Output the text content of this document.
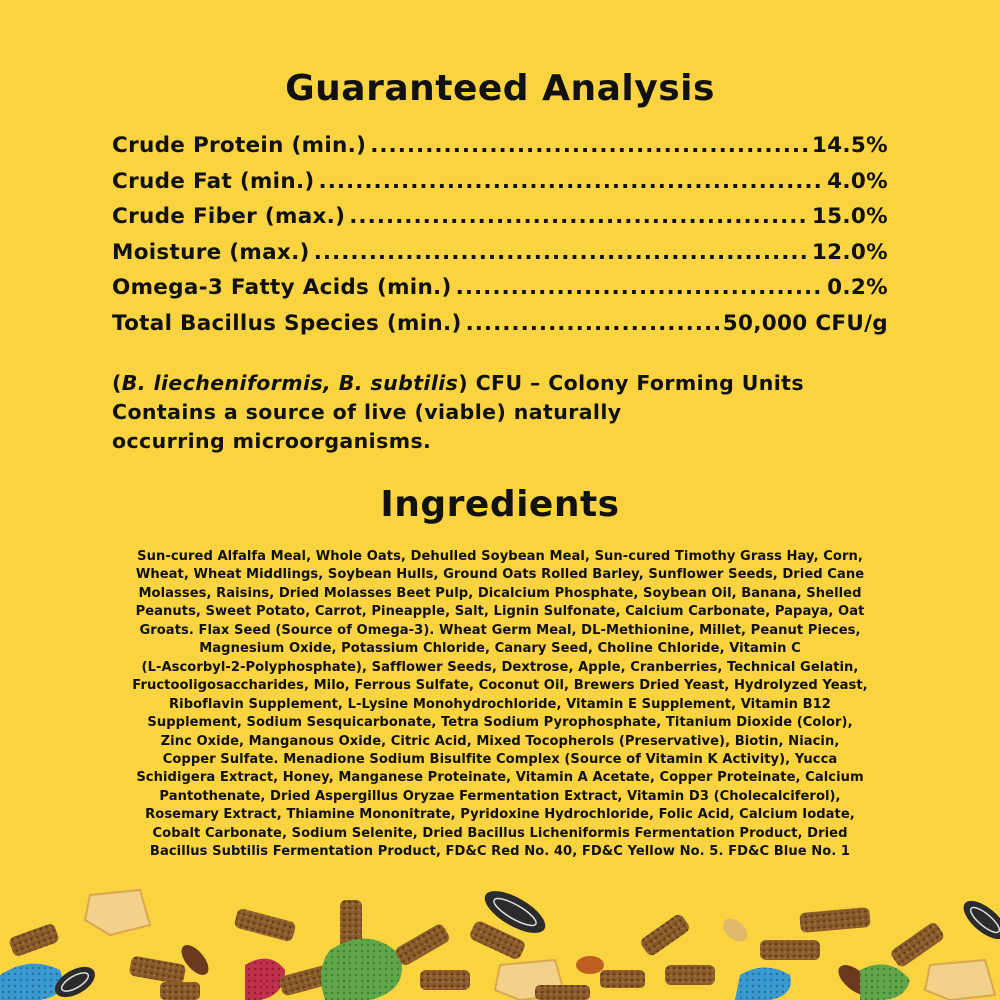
Guaranteed Analysis
Crude Protein (min.) .....	14.5%
Crude Fat (min.) .....	4.0%
Crude Fiber (max.) .....	15.0%
Moisture (max.) .....	12.0%
Omega-3 Fatty Acids (min.) .....	0.2%
Total Bacillus Species (min.) .....	50,000 CFU/g
(B. liecheniformis, B. subtilis) CFU – Colony Forming Units
Contains a source of live (viable) naturally
occurring microorganisms.
Ingredients
Sun-cured Alfalfa Meal, Whole Oats, Dehulled Soybean Meal, Sun-cured Timothy Grass Hay, Corn,
Wheat, Wheat Middlings, Soybean Hulls, Ground Oats Rolled Barley, Sunflower Seeds, Dried Cane
Molasses, Raisins, Dried Molasses Beet Pulp, Dicalcium Phosphate, Soybean Oil, Banana, Shelled
Peanuts, Sweet Potato, Carrot, Pineapple, Salt, Lignin Sulfonate, Calcium Carbonate, Papaya, Oat
Groats. Flax Seed (Source of Omega-3). Wheat Germ Meal, DL-Methionine, Millet, Peanut Pieces,
Magnesium Oxide, Potassium Chloride, Canary Seed, Choline Chloride, Vitamin C
(L-Ascorbyl-2-Polyphosphate), Safflower Seeds, Dextrose, Apple, Cranberries, Technical Gelatin,
Fructooligosaccharides, Milo, Ferrous Sulfate, Coconut Oil, Brewers Dried Yeast, Hydrolyzed Yeast,
Riboflavin Supplement, L-Lysine Monohydrochloride, Vitamin E Supplement, Vitamin B12
Supplement, Sodium Sesquicarbonate, Tetra Sodium Pyrophosphate, Titanium Dioxide (Color),
Zinc Oxide, Manganous Oxide, Citric Acid, Mixed Tocopherols (Preservative), Biotin, Niacin,
Copper Sulfate. Menadione Sodium Bisulfite Complex (Source of Vitamin K Activity), Yucca
Schidigera Extract, Honey, Manganese Proteinate, Vitamin A Acetate, Copper Proteinate, Calcium
Pantothenate, Dried Aspergillus Oryzae Fermentation Extract, Vitamin D3 (Cholecalciferol),
Rosemary Extract, Thiamine Mononitrate, Pyridoxine Hydrochloride, Folic Acid, Calcium Iodate,
Cobalt Carbonate, Sodium Selenite, Dried Bacillus Licheniformis Fermentation Product, Dried
Bacillus Subtilis Fermentation Product, FD&C Red No. 40, FD&C Yellow No. 5. FD&C Blue No. 1
